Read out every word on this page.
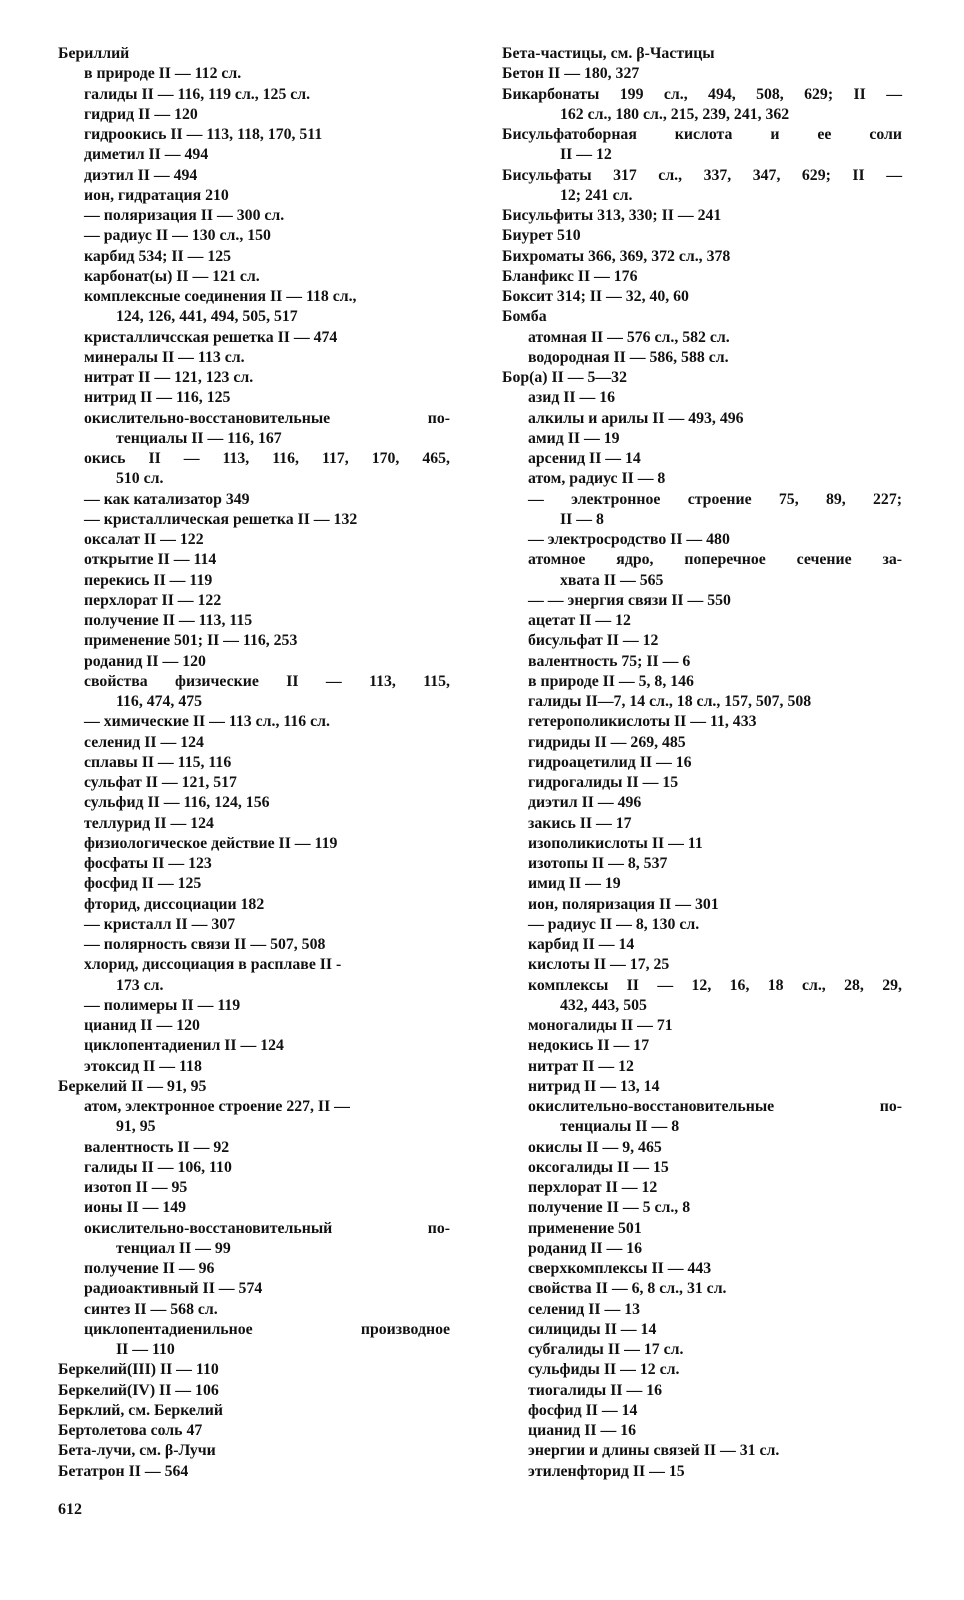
Бериллий
в природе II — 112 сл.
галиды II — 116, 119 сл., 125 сл.
гидрид II — 120
гидроокись II — 113, 118, 170, 511
диметил II — 494
диэтил II — 494
ион, гидратация 210
— поляризация II — 300 сл.
— радиус II — 130 сл., 150
карбид 534; II — 125
карбонат(ы) II — 121 сл.
комплексные соединения II — 118 сл.,
124, 126, 441, 494, 505, 517
кристалличсская решетка II — 474
минералы II — 113 сл.
нитрат II — 121, 123 сл.
нитрид II — 116, 125
окислительно-восстановительные по-
тенциалы II — 116, 167
окись II — 113, 116, 117, 170, 465,
510 сл.
— как катализатор 349
— кристаллическая решетка II — 132
оксалат II — 122
открытие II — 114
перекись II — 119
перхлорат II — 122
получение II — 113, 115
применение 501; II — 116, 253
роданид II — 120
свойства физические II — 113, 115,
116, 474, 475
— химические II — 113 сл., 116 сл.
селенид II — 124
сплавы II — 115, 116
сульфат II — 121, 517
сульфид II — 116, 124, 156
теллурид II — 124
физиологическое действие II — 119
фосфаты II — 123
фосфид II — 125
фторид, диссоциации 182
— кристалл II — 307
— полярность связи II — 507, 508
хлорид, диссоциация в расплаве II -
173 сл.
— полимеры II — 119
цианид II — 120
циклопентадиенил II — 124
этоксид II — 118
Беркелий II — 91, 95
атом, электронное строение 227, II —
91, 95
валентность II — 92
галиды II — 106, 110
изотоп II — 95
ионы II — 149
окислительно-восстановительный по-
тенциал II — 99
получение II — 96
радиоактивный II — 574
синтез II — 568 сл.
циклопентадиенильное производное
II — 110
Беркелий(III) II — 110
Беркелий(IV) II — 106
Берклий, см. Беркелий
Бертолетова соль 47
Бета-лучи, см. β-Лучи
Бетатрон II — 564
Бета-частицы, см. β-Частицы
Бетон II — 180, 327
Бикарбонаты 199 сл., 494, 508, 629; II —
162 сл., 180 сл., 215, 239, 241, 362
Бисульфатоборная кислота и ее соли
II — 12
Бисульфаты 317 сл., 337, 347, 629; II —
12; 241 сл.
Бисульфиты 313, 330; II — 241
Биурет 510
Бихроматы 366, 369, 372 сл., 378
Бланфикс II — 176
Боксит 314; II — 32, 40, 60
Бомба
атомная II — 576 сл., 582 сл.
водородная II — 586, 588 сл.
Бор(а) II — 5—32
азид II — 16
алкилы и арилы II — 493, 496
амид II — 19
арсенид II — 14
атом, радиус II — 8
— электронное строение 75, 89, 227;
II — 8
— электросродство II — 480
атомное ядро, поперечное сечение за-
хвата II — 565
— — энергия связи II — 550
ацетат II — 12
бисульфат II — 12
валентность 75; II — 6
в природе II — 5, 8, 146
галиды II—7, 14 сл., 18 сл., 157, 507, 508
гетерополикислоты II — 11, 433
гидриды II — 269, 485
гидроацетилид II — 16
гидрогалиды II — 15
диэтил II — 496
закись II — 17
изополикислоты II — 11
изотопы II — 8, 537
имид II — 19
ион, поляризация II — 301
— радиус II — 8, 130 сл.
карбид II — 14
кислоты II — 17, 25
комплексы II — 12, 16, 18 сл., 28, 29,
432, 443, 505
моногалиды II — 71
недокись II — 17
нитрат II — 12
нитрид II — 13, 14
окислительно-восстановительные по-
тенциалы II — 8
окислы II — 9, 465
оксогалиды II — 15
перхлорат II — 12
получение II — 5 сл., 8
применение 501
роданид II — 16
сверхкомплексы II — 443
свойства II — 6, 8 сл., 31 сл.
селенид II — 13
силициды II — 14
субгалиды II — 17 сл.
сульфиды II — 12 сл.
тиогалиды II — 16
фосфид II — 14
цианид II — 16
энергии и длины связей II — 31 сл.
этиленфторид II — 15
612
